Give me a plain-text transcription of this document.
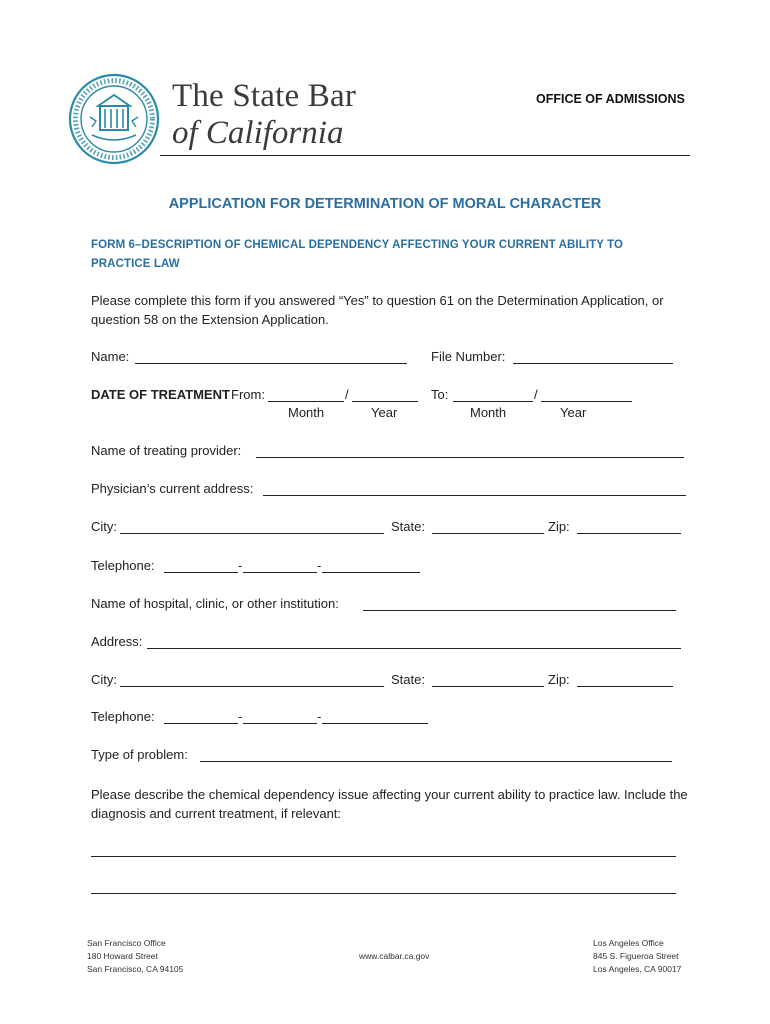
The State Bar
of California
OFFICE OF ADMISSIONS
APPLICATION FOR DETERMINATION OF MORAL CHARACTER
FORM 6–DESCRIPTION OF CHEMICAL DEPENDENCY AFFECTING YOUR CURRENT ABILITY TO PRACTICE LAW
Please complete this form if you answered “Yes” to question 61 on the Determination Application, or question 58 on the Extension Application.
Name:	File Number:
DATE OF TREATMENT From:	/	To:	/
Month	Year	Month	Year
Name of treating provider:
Physician’s current address:
City:	State:	Zip:
Telephone:	-	-
Name of hospital, clinic, or other institution:
Address:
City:	State:	Zip:
Telephone:	-	-
Type of problem:
Please describe the chemical dependency issue affecting your current ability to practice law. Include the diagnosis and current treatment, if relevant:
San Francisco Office
180 Howard Street
San Francisco, CA 94105
www.calbar.ca.gov
Los Angeles Office
845 S. Figueroa Street
Los Angeles, CA 90017
